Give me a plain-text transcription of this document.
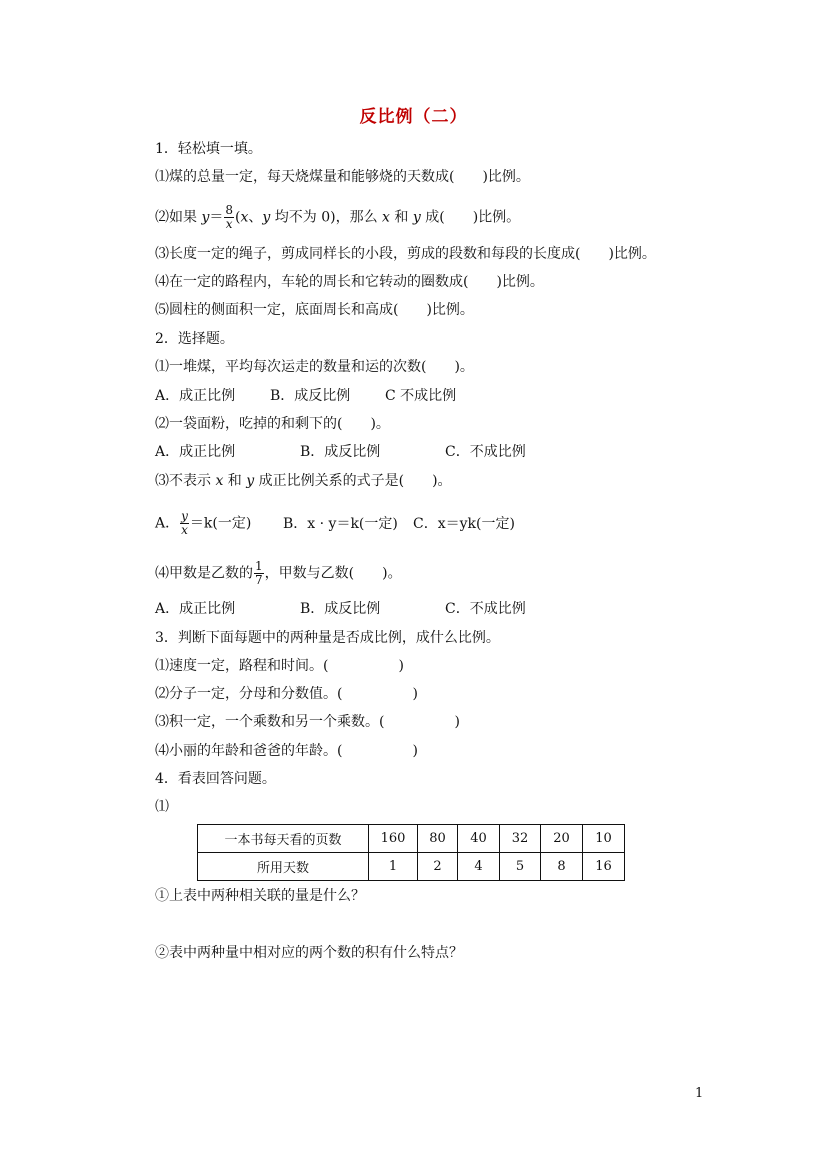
反比例（二）
1．轻松填一填。
⑴煤的总量一定，每天烧煤量和能够烧的天数成(　　)比例。
⑵如果 $y= \frac{8}{x} (x$、y 均不为 0)，那么 x 和 y 成(　　)比例。
⑶长度一定的绳子，剪成同样长的小段，剪成的段数和每段的长度成(　　)比例。
⑷在一定的路程内，车轮的周长和它转动的圈数成(　　)比例。
⑸圆柱的侧面积一定，底面周长和高成(　　)比例。
2．选择题。
⑴一堆煤，平均每次运走的数量和运的次数(　　)。
A．成正比例 B．成反比例 C 不成比例
⑵一袋面粉，吃掉的和剩下的(　　)。
A．成正比例	B．成反比例	C．不成比例
⑶不表示 x 和 y 成正比例关系的式子是(　　)。
A． $\frac{y}{x} =k$(一定) B．x · y＝k(一定) C．x＝yk(一定)
⑷甲数是乙数的 $\frac{1}{7}$ ，甲数与乙数(　　)。
A．成正比例	B．成反比例	C．不成比例
3．判断下面每题中的两种量是否成比例，成什么比例。
⑴速度一定，路程和时间。(　　　　　)
⑵分子一定，分母和分数值。(　　　　　)
⑶积一定，一个乘数和另一个乘数。(　　　　　)
⑷小丽的年龄和爸爸的年龄。(　　　　　)
4．看表回答问题。
⑴
一本书每天看的页数	160	80	40	32	20	10
所用天数	1	2	4	5	8	16
①上表中两种相关联的量是什么？
②表中两种量中相对应的两个数的积有什么特点？
1
